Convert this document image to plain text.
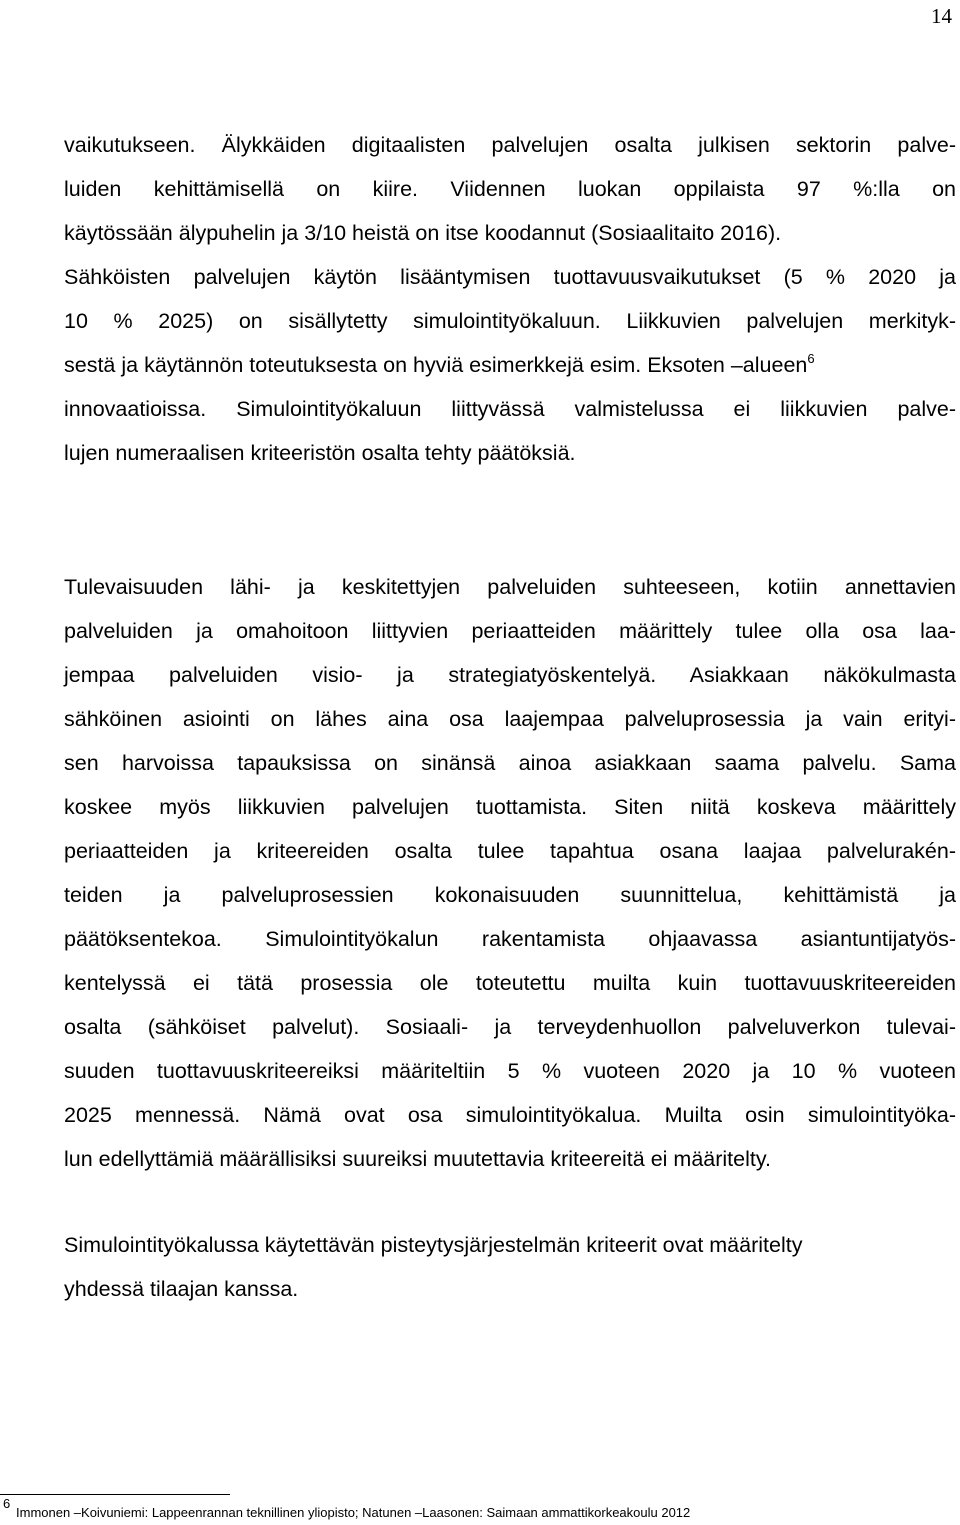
14
vaikutukseen. Älykkäiden digitaalisten palvelujen osalta julkisen sektorin palve-
luiden kehittämisellä on kiire. Viidennen luokan oppilaista 97 %:lla on
käytössään älypuhelin ja 3/10 heistä on itse koodannut (Sosiaalitaito 2016).
Sähköisten palvelujen käytön lisääntymisen tuottavuusvaikutukset (5 % 2020 ja
10 % 2025) on sisällytetty simulointityökaluun. Liikkuvien palvelujen merkityk-
sestä ja käytännön toteutuksesta on hyviä esimerkkejä esim. Eksoten –alueen$^6$
innovaatioissa. Simulointityökaluun liittyvässä valmistelussa ei liikkuvien palve-
lujen numeraalisen kriteeristön osalta tehty päätöksiä.
Tulevaisuuden lähi- ja keskitettyjen palveluiden suhteeseen, kotiin annettavien
palveluiden ja omahoitoon liittyvien periaatteiden määrittely tulee olla osa laa-
jempaa palveluiden visio- ja strategiatyöskentelyä. Asiakkaan näkökulmasta
sähköinen asiointi on lähes aina osa laajempaa palveluprosessia ja vain erityi-
sen harvoissa tapauksissa on sinänsä ainoa asiakkaan saama palvelu. Sama
koskee myös liikkuvien palvelujen tuottamista. Siten niitä koskeva määrittely
periaatteiden ja kriteereiden osalta tulee tapahtua osana laajaa palvelurakén-
teiden ja palveluprosessien kokonaisuuden suunnittelua, kehittämistä ja
päätöksentekoa. Simulointityökalun rakentamista ohjaavassa asiantuntijatyös-
kentelyssä ei tätä prosessia ole toteutettu muilta kuin tuottavuuskriteereiden
osalta (sähköiset palvelut). Sosiaali- ja terveydenhuollon palveluverkon tulevai-
suuden tuottavuuskriteereiksi määriteltiin 5 % vuoteen 2020 ja 10 % vuoteen
2025 mennessä. Nämä ovat osa simulointityökalua. Muilta osin simulointityöka-
lun edellyttämiä määrällisiksi suureiksi muutettavia kriteereitä ei määritelty.
Simulointityökalussa käytettävän pisteytysjärjestelmän kriteerit ovat määritelty
yhdessä tilaajan kanssa.
6
Immonen –Koivuniemi: Lappeenrannan teknillinen yliopisto; Natunen –Laasonen: Saimaan ammattikorkeakoulu 2012
